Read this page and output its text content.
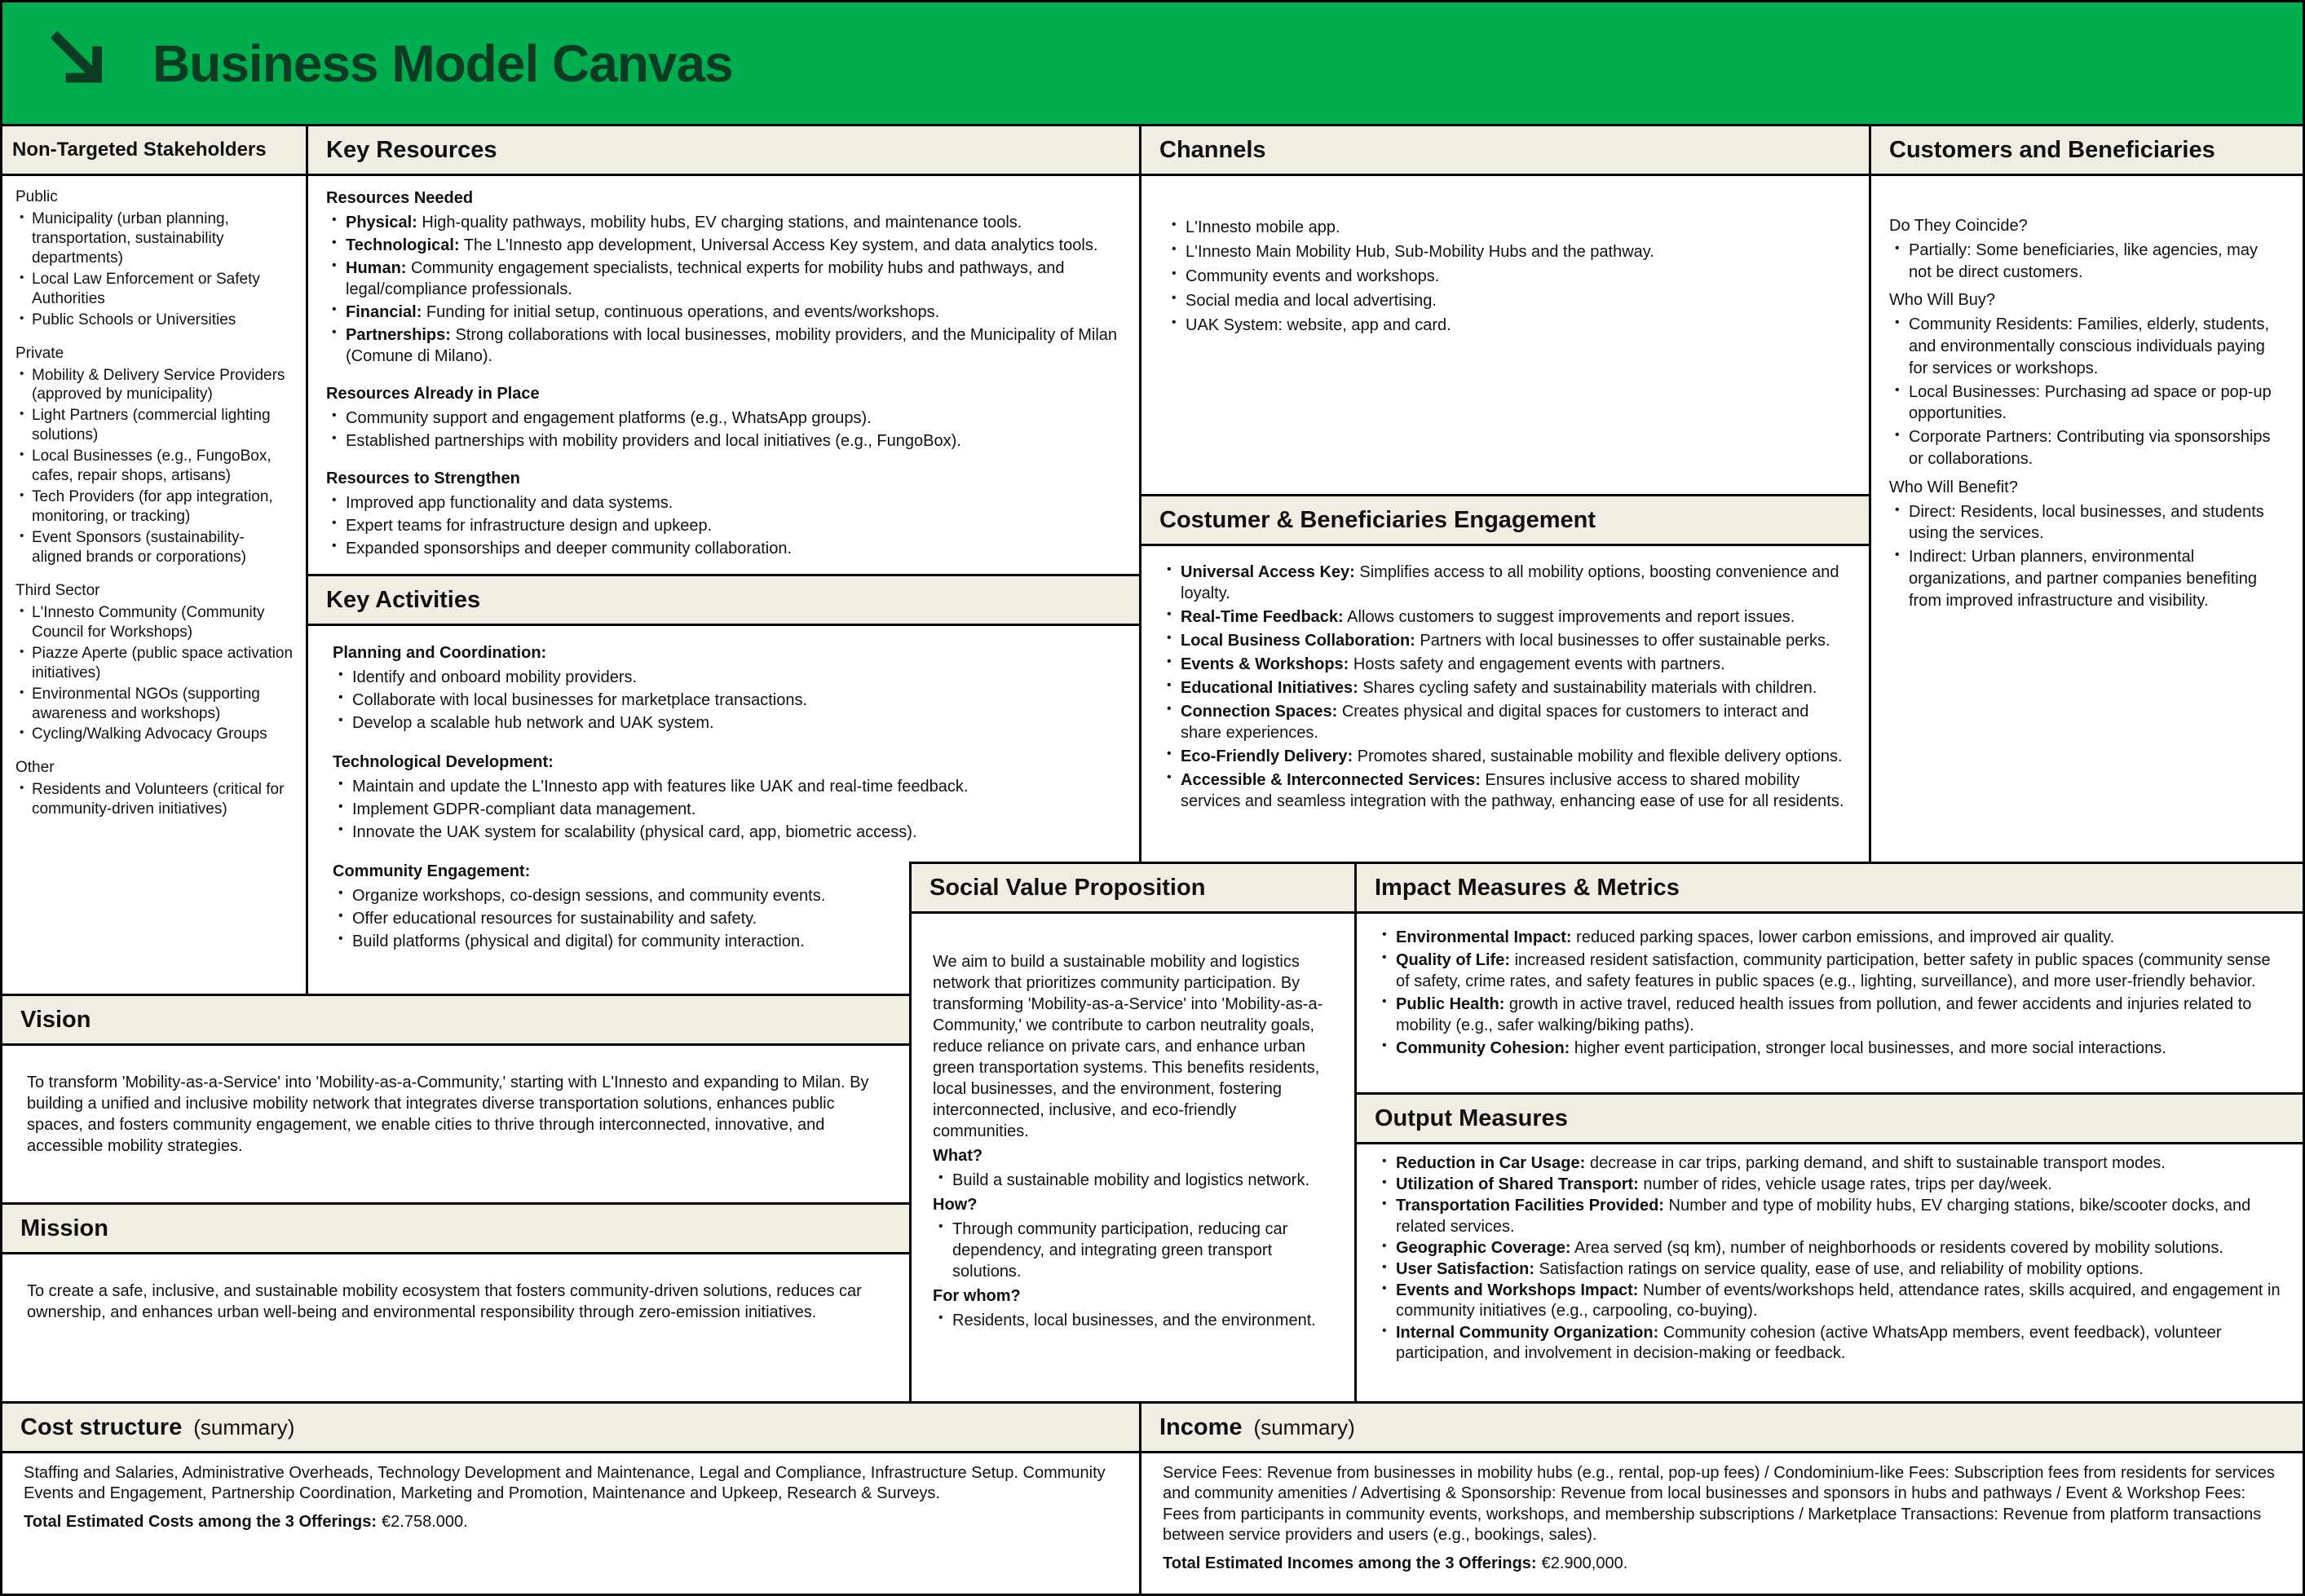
Business Model Canvas
Non-Targeted Stakeholders
Public
• Municipality (urban planning, transportation, sustainability departments)
• Local Law Enforcement or Safety Authorities
• Public Schools or Universities
Private
• Mobility & Delivery Service Providers (approved by municipality)
• Light Partners (commercial lighting solutions)
• Local Businesses (e.g., FungoBox, cafes, repair shops, artisans)
• Tech Providers (for app integration, monitoring, or tracking)
• Event Sponsors (sustainability-aligned brands or corporations)
Third Sector
• L'Innesto Community (Community Council for Workshops)
• Piazze Aperte (public space activation initiatives)
• Environmental NGOs (supporting awareness and workshops)
• Cycling/Walking Advocacy Groups
Other
• Residents and Volunteers (critical for community-driven initiatives)
Key Resources
Resources Needed
• Physical: High-quality pathways, mobility hubs, EV charging stations, and maintenance tools.
• Technological: The L'Innesto app development, Universal Access Key system, and data analytics tools.
• Human: Community engagement specialists, technical experts for mobility hubs and pathways, and legal/compliance professionals.
• Financial: Funding for initial setup, continuous operations, and events/workshops.
• Partnerships: Strong collaborations with local businesses, mobility providers, and the Municipality of Milan (Comune di Milano).
Resources Already in Place
• Community support and engagement platforms (e.g., WhatsApp groups).
• Established partnerships with mobility providers and local initiatives (e.g., FungoBox).
Resources to Strengthen
• Improved app functionality and data systems.
• Expert teams for infrastructure design and upkeep.
• Expanded sponsorships and deeper community collaboration.
Key Activities
Planning and Coordination:
• Identify and onboard mobility providers.
• Collaborate with local businesses for marketplace transactions.
• Develop a scalable hub network and UAK system.
Technological Development:
• Maintain and update the L'Innesto app with features like UAK and real-time feedback.
• Implement GDPR-compliant data management.
• Innovate the UAK system for scalability (physical card, app, biometric access).
Community Engagement:
• Organize workshops, co-design sessions, and community events.
• Offer educational resources for sustainability and safety.
• Build platforms (physical and digital) for community interaction.
Channels
• L'Innesto mobile app.
• L'Innesto Main Mobility Hub, Sub-Mobility Hubs and the pathway.
• Community events and workshops.
• Social media and local advertising.
• UAK System: website, app and card.
Costumer & Beneficiaries Engagement
• Universal Access Key: Simplifies access to all mobility options, boosting convenience and loyalty.
• Real-Time Feedback: Allows customers to suggest improvements and report issues.
• Local Business Collaboration: Partners with local businesses to offer sustainable perks.
• Events & Workshops: Hosts safety and engagement events with partners.
• Educational Initiatives: Shares cycling safety and sustainability materials with children.
• Connection Spaces: Creates physical and digital spaces for customers to interact and share experiences.
• Eco-Friendly Delivery: Promotes shared, sustainable mobility and flexible delivery options.
• Accessible & Interconnected Services: Ensures inclusive access to shared mobility services and seamless integration with the pathway, enhancing ease of use for all residents.
Customers and Beneficiaries
Do They Coincide?
• Partially: Some beneficiaries, like agencies, may not be direct customers.
Who Will Buy?
• Community Residents: Families, elderly, students, and environmentally conscious individuals paying for services or workshops.
• Local Businesses: Purchasing ad space or pop-up opportunities.
• Corporate Partners: Contributing via sponsorships or collaborations.
Who Will Benefit?
• Direct: Residents, local businesses, and students using the services.
• Indirect: Urban planners, environmental organizations, and partner companies benefiting from improved infrastructure and visibility.
Vision

To transform 'Mobility-as-a-Service' into 'Mobility-as-a-Community,' starting with L'Innesto and expanding to Milan. By building a unified and inclusive mobility network that integrates diverse transportation solutions, enhances public spaces, and fosters community engagement, we enable cities to thrive through interconnected, innovative, and accessible mobility strategies.

Mission

To create a safe, inclusive, and sustainable mobility ecosystem that fosters community-driven solutions, reduces car ownership, and enhances urban well-being and environmental responsibility through zero-emission initiatives.

Impact Measures & Metrics
• Environmental Impact: reduced parking spaces, lower carbon emissions, and improved air quality.
• Quality of Life: increased resident satisfaction, community participation, better safety in public spaces (community sense of safety, crime rates, and safety features in public spaces (e.g., lighting, surveillance), and more user-friendly behavior.
• Public Health: growth in active travel, reduced health issues from pollution, and fewer accidents and injuries related to mobility (e.g., safer walking/biking paths).
• Community Cohesion: higher event participation, stronger local businesses, and more social interactions.
Output Measures
• Reduction in Car Usage: decrease in car trips, parking demand, and shift to sustainable transport modes.
• Utilization of Shared Transport: number of rides, vehicle usage rates, trips per day/week.
• Transportation Facilities Provided: Number and type of mobility hubs, EV charging stations, bike/scooter docks, and related services.
• Geographic Coverage: Area served (sq km), number of neighborhoods or residents covered by mobility solutions.
• User Satisfaction: Satisfaction ratings on service quality, ease of use, and reliability of mobility options.
• Events and Workshops Impact: Number of events/workshops held, attendance rates, skills acquired, and engagement in community initiatives (e.g., carpooling, co-buying).
• Internal Community Organization: Community cohesion (active WhatsApp members, event feedback), volunteer participation, and involvement in decision-making or feedback.
Social Value Proposition

We aim to build a sustainable mobility and logistics network that prioritizes community participation. By transforming 'Mobility-as-a-Service' into 'Mobility-as-a-Community,' we contribute to carbon neutrality goals, reduce reliance on private cars, and enhance urban green transportation systems. This benefits residents, local businesses, and the environment, fostering interconnected, inclusive, and eco-friendly communities.

What?
• Build a sustainable mobility and logistics network.
How?
• Through community participation, reducing car dependency, and integrating green transport solutions.
For whom?
• Residents, local businesses, and the environment.
Cost structure (summary)

Staffing and Salaries, Administrative Overheads, Technology Development and Maintenance, Legal and Compliance, Infrastructure Setup. Community Events and Engagement, Partnership Coordination, Marketing and Promotion, Maintenance and Upkeep, Research & Surveys.

Total Estimated Costs among the 3 Offerings: €2.758.000.

Income (summary)

Service Fees: Revenue from businesses in mobility hubs (e.g., rental, pop-up fees) / Condominium-like Fees: Subscription fees from residents for services and community amenities / Advertising & Sponsorship: Revenue from local businesses and sponsors in hubs and pathways / Event & Workshop Fees: Fees from participants in community events, workshops, and membership subscriptions / Marketplace Transactions: Revenue from platform transactions between service providers and users (e.g., bookings, sales).

Total Estimated Incomes among the 3 Offerings: €2.900,000.
